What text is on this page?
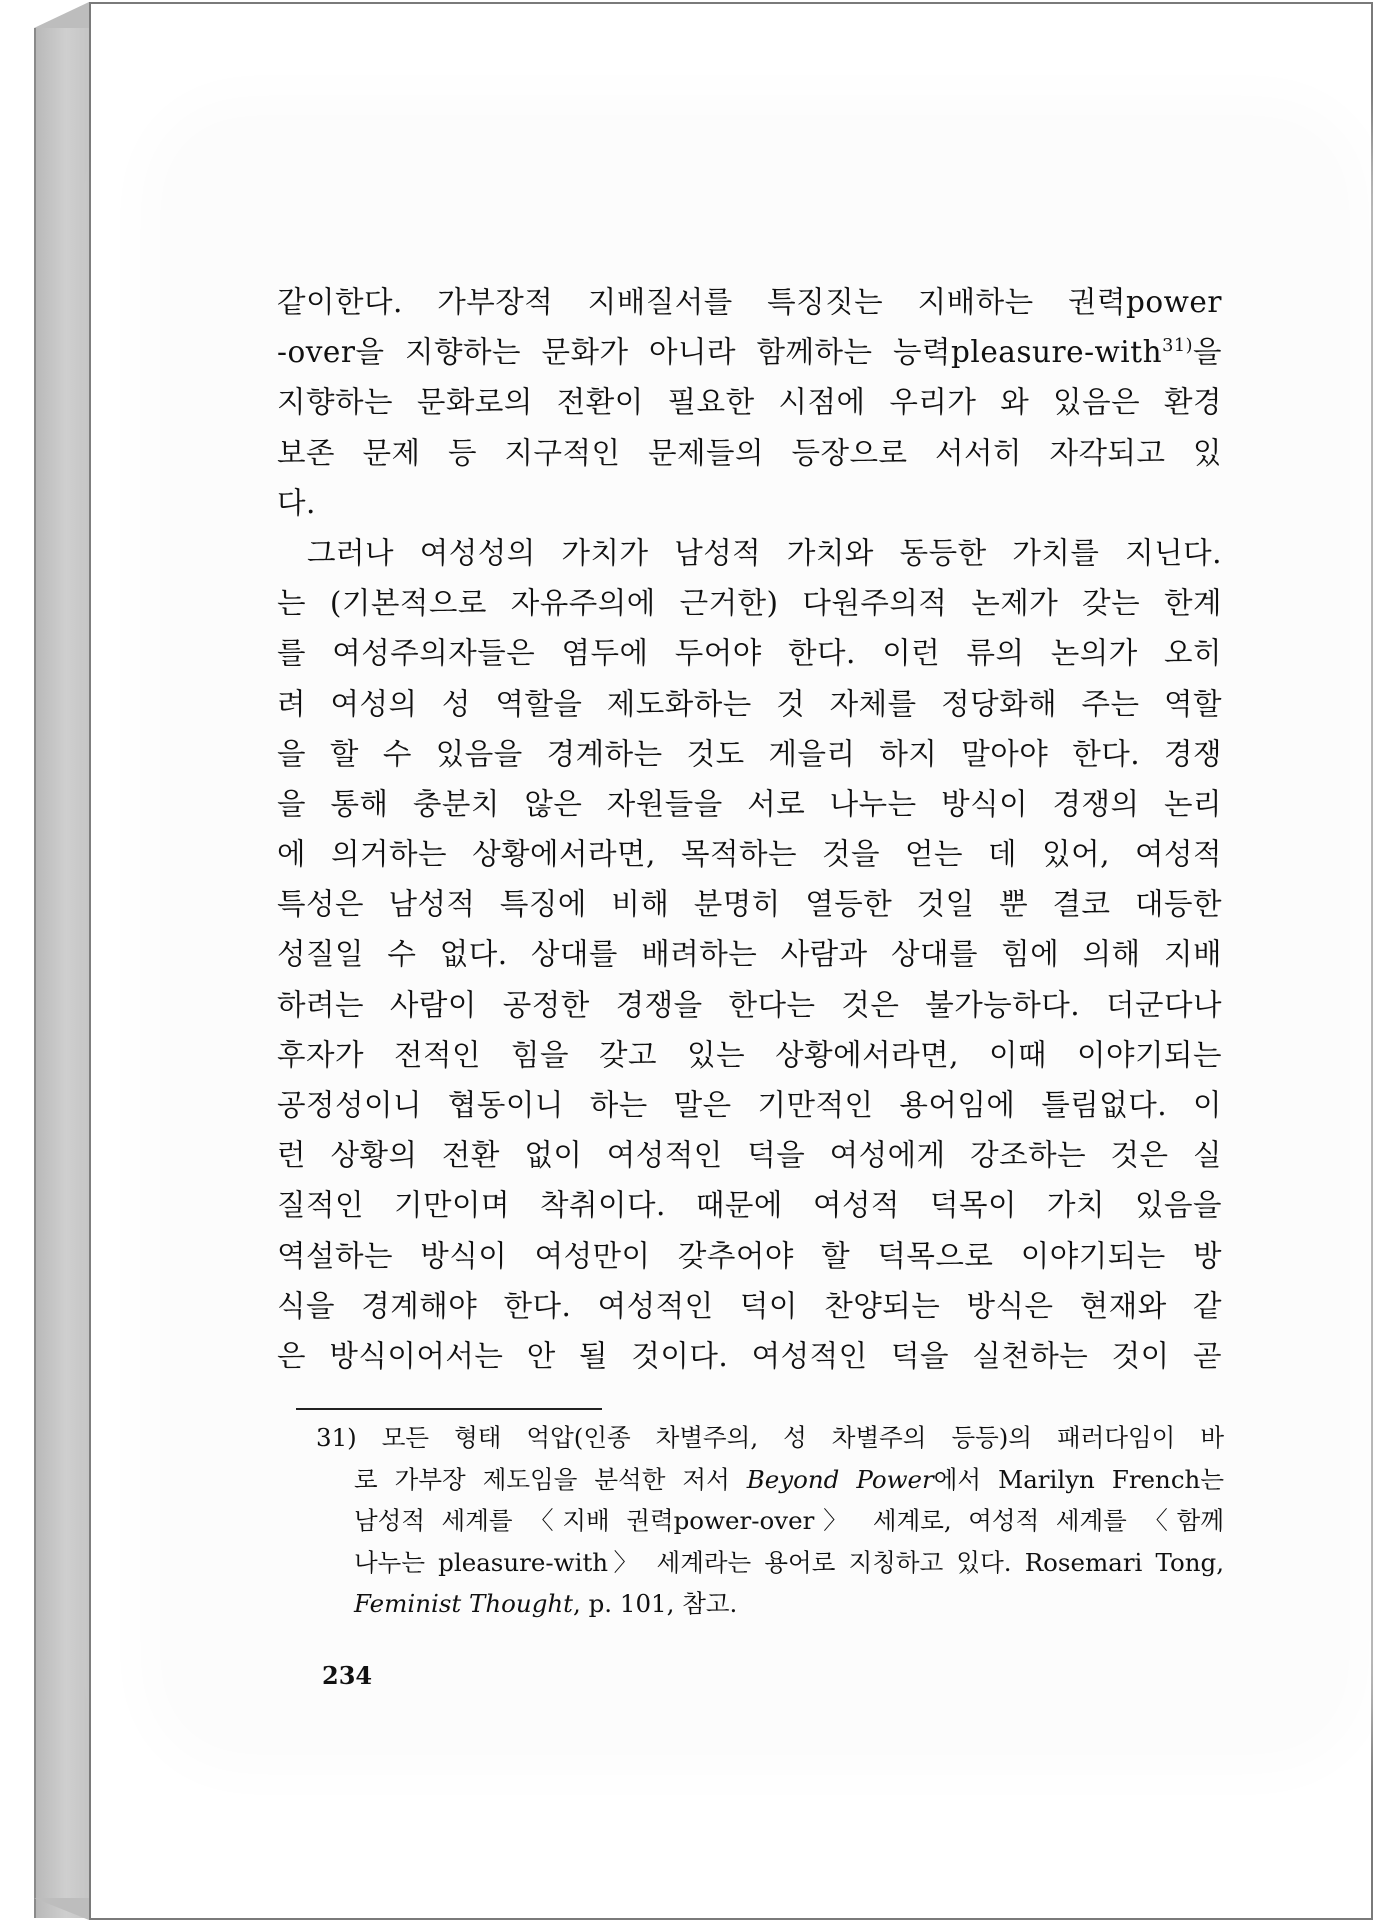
같이한다. 가부장적 지배질서를 특징짓는 지배하는 권력power
-over을 지향하는 문화가 아니라 함께하는 능력pleasure-with$^{31)}$을
지향하는 문화로의 전환이 필요한 시점에 우리가 와 있음은 환경
보존 문제 등 지구적인 문제들의 등장으로 서서히 자각되고 있
다.
그러나 여성성의 가치가 남성적 가치와 동등한 가치를 지닌다.
는 (기본적으로 자유주의에 근거한) 다원주의적 논제가 갖는 한계
를 여성주의자들은 염두에 두어야 한다. 이런 류의 논의가 오히
려 여성의 성 역할을 제도화하는 것 자체를 정당화해 주는 역할
을 할 수 있음을 경계하는 것도 게을리 하지 말아야 한다. 경쟁
을 통해 충분치 않은 자원들을 서로 나누는 방식이 경쟁의 논리
에 의거하는 상황에서라면, 목적하는 것을 얻는 데 있어, 여성적
특성은 남성적 특징에 비해 분명히 열등한 것일 뿐 결코 대등한
성질일 수 없다. 상대를 배려하는 사람과 상대를 힘에 의해 지배
하려는 사람이 공정한 경쟁을 한다는 것은 불가능하다. 더군다나
후자가 전적인 힘을 갖고 있는 상황에서라면, 이때 이야기되는
공정성이니 협동이니 하는 말은 기만적인 용어임에 틀림없다. 이
런 상황의 전환 없이 여성적인 덕을 여성에게 강조하는 것은 실
질적인 기만이며 착취이다. 때문에 여성적 덕목이 가치 있음을
역설하는 방식이 여성만이 갖추어야 할 덕목으로 이야기되는 방
식을 경계해야 한다. 여성적인 덕이 찬양되는 방식은 현재와 같
은 방식이어서는 안 될 것이다. 여성적인 덕을 실천하는 것이 곧
31) 모든 형태 억압(인종 차별주의, 성 차별주의 등등)의 패러다임이 바
로 가부장 제도임을 분석한 저서 Beyond Power에서 Marilyn French는
남성적 세계를 〈지배 권력power-over〉 세계로, 여성적 세계를 〈함께
나누는 pleasure-with〉 세계라는 용어로 지칭하고 있다. Rosemari Tong,
Feminist Thought, p. 101, 참고.
234
